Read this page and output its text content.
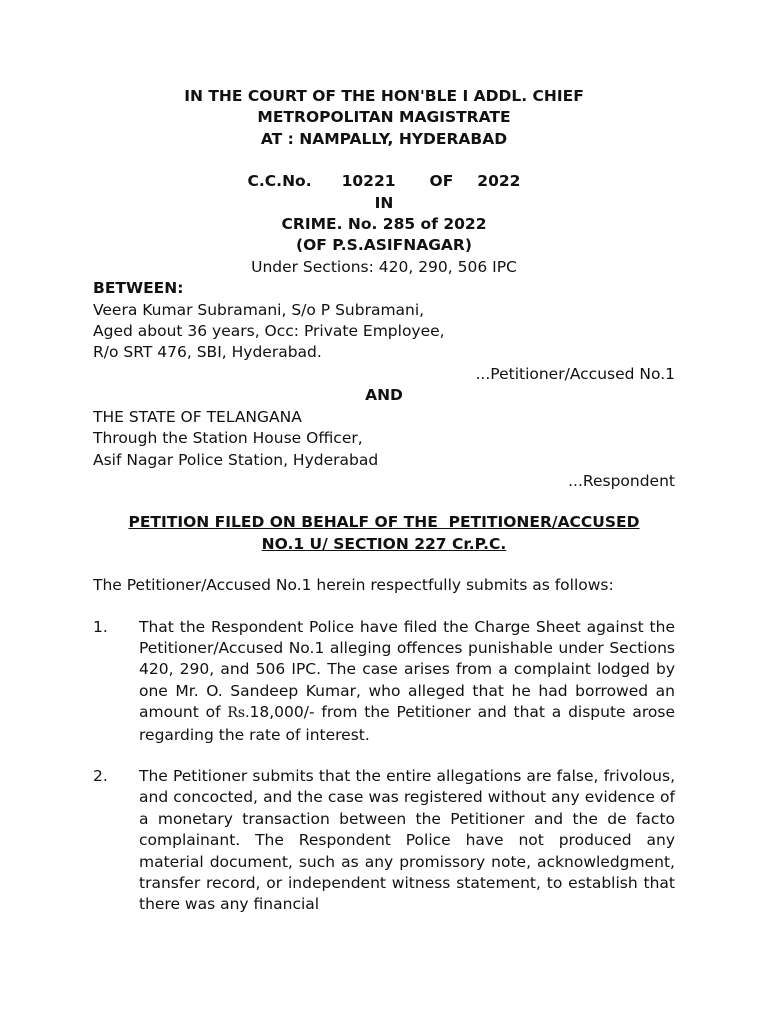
IN THE COURT OF THE HON'BLE I ADDL. CHIEF
METROPOLITAN MAGISTRATE
AT : NAMPALLY, HYDERABAD
C.C.No. 10221 OF 2022
IN
CRIME. No. 285 of 2022
(OF P.S.ASIFNAGAR)
Under Sections: 420, 290, 506 IPC
BETWEEN:
Veera Kumar Subramani, S/o P Subramani,
Aged about 36 years, Occ: Private Employee,
R/o SRT 476, SBI, Hyderabad.
...Petitioner/Accused No.1
AND
THE STATE OF TELANGANA
Through the Station House Officer,
Asif Nagar Police Station, Hyderabad
...Respondent
PETITION FILED ON BEHALF OF THE  PETITIONER/ACCUSED
NO.1 U/ SECTION 227 Cr.P.C.
The Petitioner/Accused No.1 herein respectfully submits as follows:
1.	That the Respondent Police have filed the Charge Sheet against the Petitioner/Accused No.1 alleging offences punishable under Sections 420, 290, and 506 IPC. The case arises from a complaint lodged by one Mr. O. Sandeep Kumar, who alleged that he had borrowed an amount of Rs.18,000/- from the Petitioner and that a dispute arose regarding the rate of interest.

2.	The Petitioner submits that the entire allegations are false, frivolous, and concocted, and the case was registered without any evidence of a monetary transaction between the Petitioner and the de facto complainant. The Respondent Police have not produced any material document, such as any promissory note, acknowledgment, transfer record, or independent witness statement, to establish that there was any financial
